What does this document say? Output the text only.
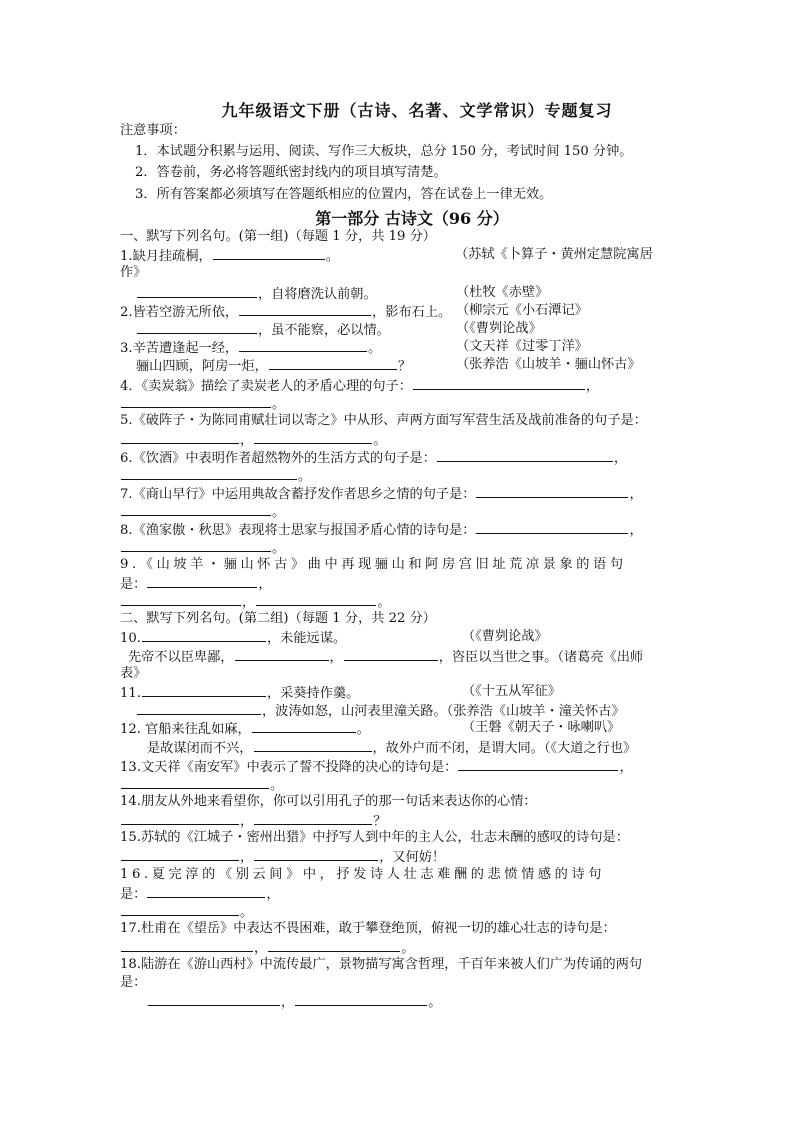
九年级语文下册（古诗、名著、文学常识）专题复习
注意事项：
1．本试题分积累与运用、阅读、写作三大板块，总分 150 分，考试时间 150 分钟。
2．答卷前，务必将答题纸密封线内的项目填写清楚。
3．所有答案都必须填写在答题纸相应的位置内，答在试卷上一律无效。
第一部分 古诗文（96 分）
一、默写下列名句。(第一组)（每题 1 分，共 19 分）
1.缺月挂疏桐，	。	（苏轼《卜算子・黄州定慧院寓居
作》
，自将磨洗认前朝。	（杜牧《赤壁》
2.皆若空游无所依，	，影布石上。 （柳宗元《小石潭记》
，虽不能察，必以情。	（《曹刿论战》
3.辛苦遭逢起一经，	。	（文天祥《过零丁洋》
骊山四顾，阿房一炬，	？	（张养浩《山坡羊・骊山怀古》
4．《卖炭翁》描绘了卖炭老人的矛盾心理的句子：	，
。
5.《破阵子・为陈同甫赋壮词以寄之》中从形、声两方面写军营生活及战前准备的句子是：
，	。
6.《饮酒》中表明作者超然物外的生活方式的句子是：	，
。
7.《商山早行》中运用典故含蓄抒发作者思乡之情的句子是：	，
。
8.《渔家傲・秋思》表现将士思家与报国矛盾心情的诗句是：	，
。
9.《山坡羊・骊山怀古》曲中再现骊山和阿房宫旧址荒凉景象的语句
是：	，
，	。
二、默写下列名句。(第二组)（每题 1 分，共 22 分）
10.	，未能远谋。	（《曹刿论战》
先帝不以臣卑鄙，	，	，咨臣以当世之事。（诸葛亮《出师
表》
11.	，采葵持作羹。	（《十五从军征》
，波涛如怒，山河表里潼关路。（张养浩《山坡羊・潼关怀古》
12. 官船来往乱如麻，	。	（王磐《朝天子・咏喇叭》
是故谋闭而不兴，	，故外户而不闭，是谓大同。（《大道之行也》
13.文天祥《南安军》中表示了誓不投降的决心的诗句是：	，
。
14.朋友从外地来看望你，你可以引用孔子的那一句话来表达你的心情：
，	？
15.苏轼的《江城子・密州出猎》中抒写人到中年的主人公，壮志未酬的感叹的诗句是：
，	，又何妨！
16.夏完淳的《别云间》中，抒发诗人壮志难酬的悲愤情感的诗句
是：	，
。
17.杜甫在《望岳》中表达不畏困难，敢于攀登绝顶，俯视一切的雄心壮志的诗句是：
，	。
18.陆游在《游山西村》中流传最广，景物描写寓含哲理，千百年来被人们广为传诵的两句
是：
，	。
